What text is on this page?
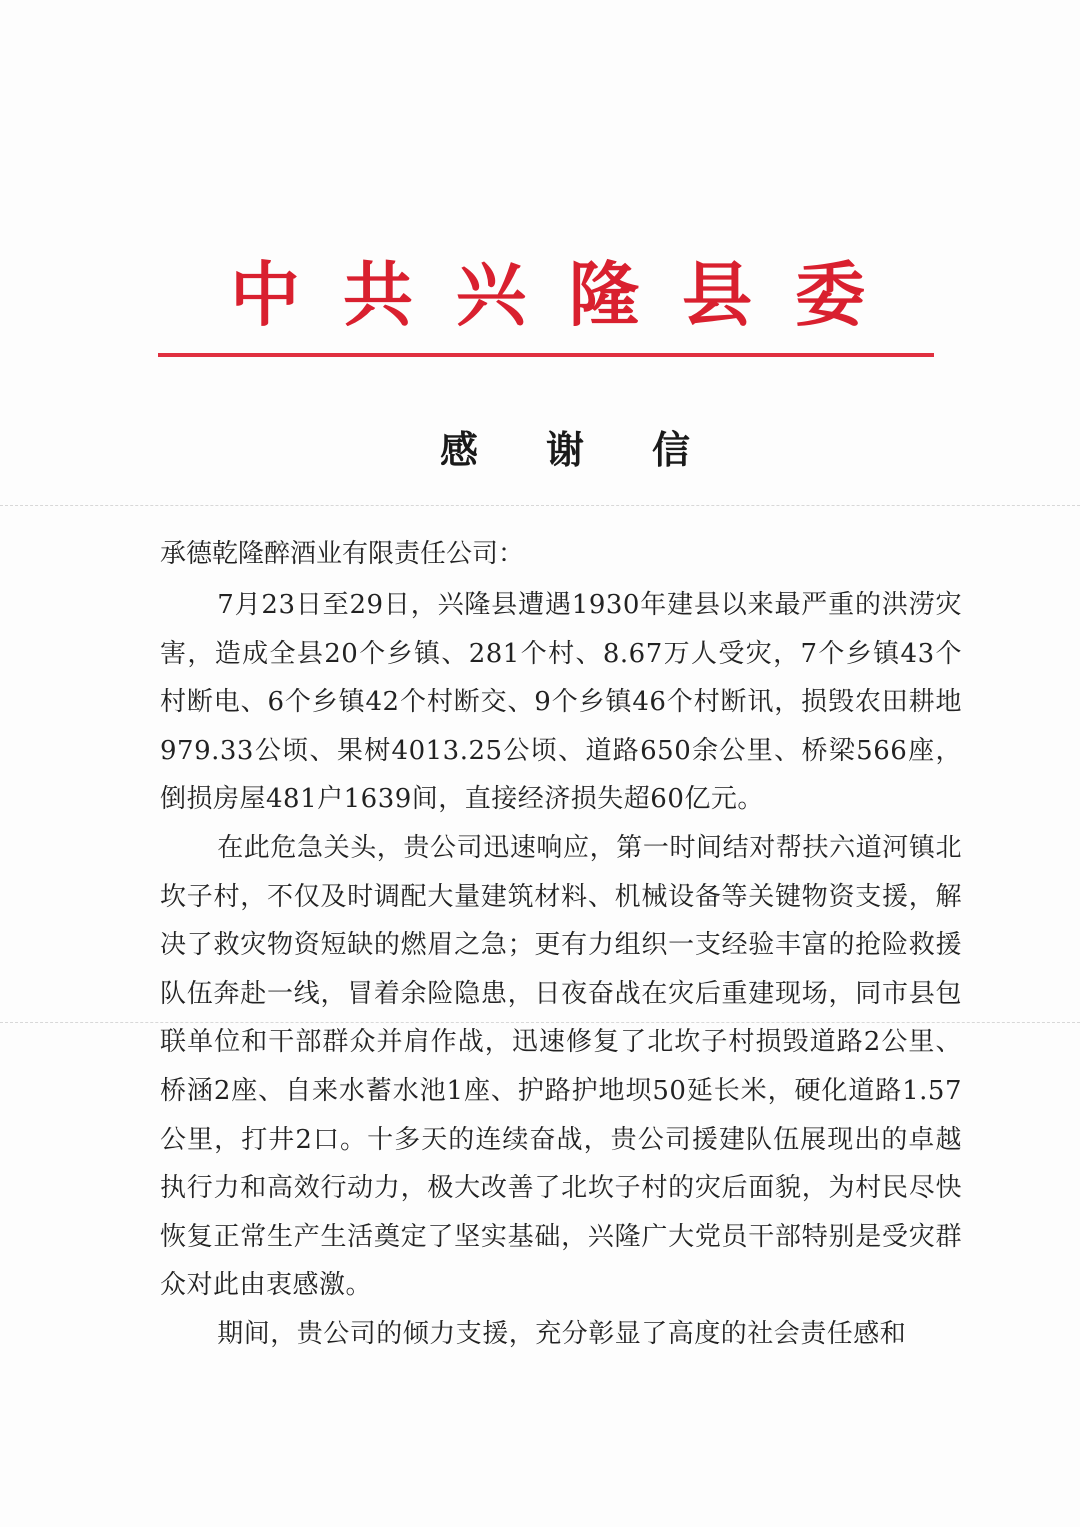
中 共 兴 隆 县 委
感 谢 信
承德乾隆醉酒业有限责任公司：

7月23日至29日，兴隆县遭遇1930年建县以来最严重的洪涝灾害，造成全县20个乡镇、281个村、8.67万人受灾，7个乡镇43个村断电、6个乡镇42个村断交、9个乡镇46个村断讯，损毁农田耕地979.33公顷、果树4013.25公顷、道路650余公里、桥梁566座，倒损房屋481户1639间，直接经济损失超60亿元。

在此危急关头，贵公司迅速响应，第一时间结对帮扶六道河镇北坎子村，不仅及时调配大量建筑材料、机械设备等关键物资支援，解决了救灾物资短缺的燃眉之急；更有力组织一支经验丰富的抢险救援队伍奔赴一线，冒着余险隐患，日夜奋战在灾后重建现场，同市县包联单位和干部群众并肩作战，迅速修复了北坎子村损毁道路2公里、桥涵2座、自来水蓄水池1座、护路护地坝50延长米，硬化道路1.57公里，打井2口。十多天的连续奋战，贵公司援建队伍展现出的卓越执行力和高效行动力，极大改善了北坎子村的灾后面貌，为村民尽快恢复正常生产生活奠定了坚实基础，兴隆广大党员干部特别是受灾群众对此由衷感激。

期间，贵公司的倾力支援，充分彰显了高度的社会责任感和
